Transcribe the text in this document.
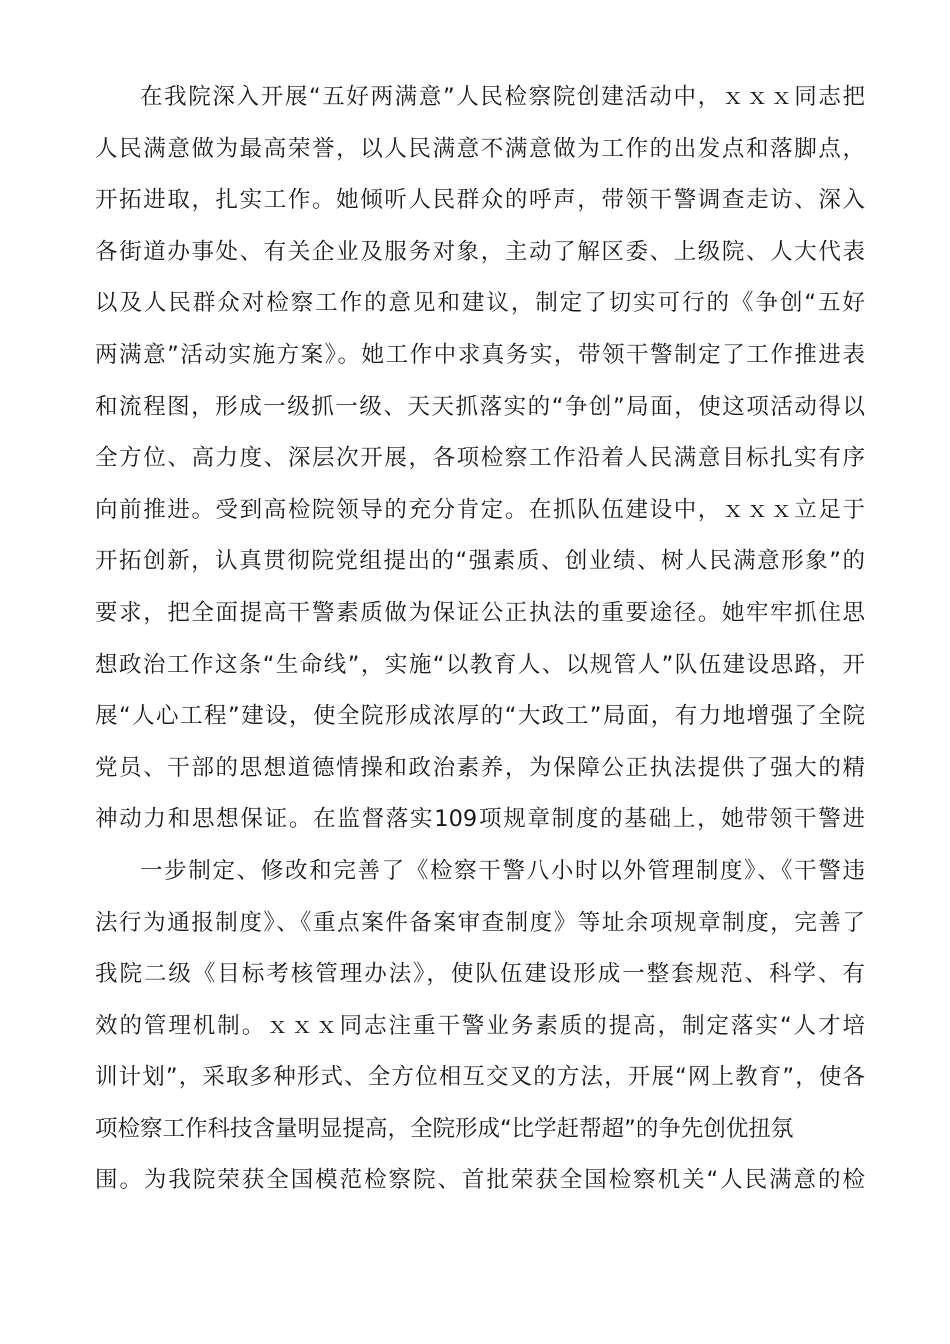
在我院深入开展“五好两满意”人民检察院创建活动中，ｘｘｘ同志把
人民满意做为最高荣誉，以人民满意不满意做为工作的出发点和落脚点，
开拓进取，扎实工作。她倾听人民群众的呼声，带领干警调查走访、深入
各街道办事处、有关企业及服务对象，主动了解区委、上级院、人大代表
以及人民群众对检察工作的意见和建议，制定了切实可行的《争创“五好
两满意”活动实施方案》。她工作中求真务实，带领干警制定了工作推进表
和流程图，形成一级抓一级、天天抓落实的“争创”局面，使这项活动得以
全方位、高力度、深层次开展，各项检察工作沿着人民满意目标扎实有序
向前推进。受到高检院领导的充分肯定。在抓队伍建设中，ｘｘｘ立足于
开拓创新，认真贯彻院党组提出的“强素质、创业绩、树人民满意形象”的
要求，把全面提高干警素质做为保证公正执法的重要途径。她牢牢抓住思
想政治工作这条“生命线”，实施“以教育人、以规管人”队伍建设思路，开
展“人心工程”建设，使全院形成浓厚的“大政工”局面，有力地增强了全院
党员、干部的思想道德情操和政治素养，为保障公正执法提供了强大的精
神动力和思想保证。在监督落实109项规章制度的基础上，她带领干警进
一步制定、修改和完善了《检察干警八小时以外管理制度》、《干警违
法行为通报制度》、《重点案件备案审查制度》等址余项规章制度，完善了
我院二级《目标考核管理办法》，使队伍建设形成一整套规范、科学、有
效的管理机制。ｘｘｘ同志注重干警业务素质的提高，制定落实“人才培
训计划”，采取多种形式、全方位相互交叉的方法，开展“网上教育”，使各
项检察工作科技含量明显提高，全院形成“比学赶帮超”的争先创优扭氛
围。为我院荣获全国模范检察院、首批荣获全国检察机关“人民满意的检
